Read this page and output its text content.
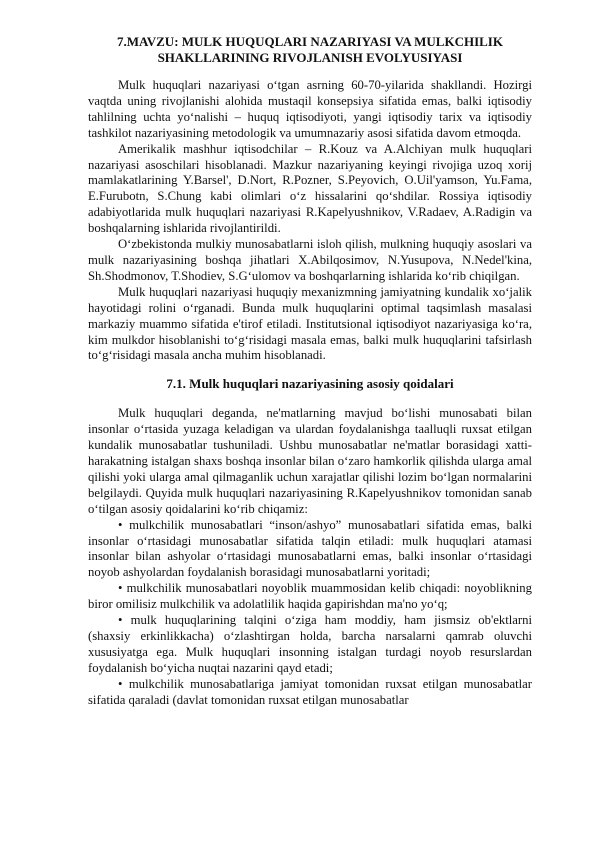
7.MAVZU: MULK HUQUQLARI NAZARIYASI VA MULKCHILIK
SHAKLLARINING RIVOJLANISH EVOLYUSIYASI

Mulk huquqlari nazariyasi o‘tgan asrning 60-70-yilarida shakllandi. Hozirgi vaqtda uning rivojlanishi alohida mustaqil konsepsiya sifatida emas, balki iqtisodiy tahlilning uchta yo‘nalishi – huquq iqtisodiyoti, yangi iqtisodiy tarix va iqtisodiy tashkilot nazariyasining metodologik va umumnazariy asosi sifatida davom etmoqda.

Amerikalik mashhur iqtisodchilar – R.Kouz va A.Alchiyan mulk huquqlari nazariyasi asoschilari hisoblanadi. Mazkur nazariyaning keyingi rivojiga uzoq xorij mamlakatlarining Y.Barsel', D.Nort, R.Pozner, S.Peyovich, O.Uil'yamson, Yu.Fama, E.Furubotn, S.Chung kabi olimlari o‘z hissalarini qo‘shdilar. Rossiya iqtisodiy adabiyotlarida mulk huquqlari nazariyasi R.Kapelyushnikov, V.Radaev, A.Radigin va boshqalarning ishlarida rivojlantirildi.

O‘zbekistonda mulkiy munosabatlarni isloh qilish, mulkning huquqiy asoslari va mulk nazariyasining boshqa jihatlari X.Abilqosimov, N.Yusupova, N.Nedel'kina, Sh.Shodmonov, T.Shodiev, S.G‘ulomov va boshqarlarning ishlarida ko‘rib chiqilgan.

Mulk huquqlari nazariyasi huquqiy mexanizmning jamiyatning kundalik xo‘jalik hayotidagi rolini o‘rganadi. Bunda mulk huquqlarini optimal taqsimlash masalasi markaziy muammo sifatida e'tirof etiladi. Institutsional iqtisodiyot nazariyasiga ko‘ra, kim mulkdor hisoblanishi to‘g‘risidagi masala emas, balki mulk huquqlarini tafsirlash to‘g‘risidagi masala ancha muhim hisoblanadi.

7.1. Mulk huquqlari nazariyasining asosiy qoidalari

Mulk huquqlari deganda, ne'matlarning mavjud bo‘lishi munosabati bilan insonlar o‘rtasida yuzaga keladigan va ulardan foydalanishga taalluqli ruxsat etilgan kundalik munosabatlar tushuniladi. Ushbu munosabatlar ne'matlar borasidagi xatti-harakatning istalgan shaxs boshqa insonlar bilan o‘zaro hamkorlik qilishda ularga amal qilishi yoki ularga amal qilmaganlik uchun xarajatlar qilishi lozim bo‘lgan normalarini belgilaydi. Quyida mulk huquqlari nazariyasining R.Kapelyushnikov tomonidan sanab o‘tilgan asosiy qoidalarini ko‘rib chiqamiz:

• mulkchilik munosabatlari “inson/ashyo” munosabatlari sifatida emas, balki insonlar o‘rtasidagi munosabatlar sifatida talqin etiladi: mulk huquqlari atamasi insonlar bilan ashyolar o‘rtasidagi munosabatlarni emas, balki insonlar o‘rtasidagi noyob ashyolardan foydalanish borasidagi munosabatlarni yoritadi;

• mulkchilik munosabatlari noyoblik muammosidan kelib chiqadi: noyoblikning biror omilisiz mulkchilik va adolatlilik haqida gapirishdan ma'no yo‘q;

• mulk huquqlarining talqini o‘ziga ham moddiy, ham jismsiz ob'ektlarni (shaxsiy erkinlikkacha) o‘zlashtirgan holda, barcha narsalarni qamrab oluvchi xususiyatga ega. Mulk huquqlari insonning istalgan turdagi noyob resurslardan foydalanish bo‘yicha nuqtai nazarini qayd etadi;

• mulkchilik munosabatlariga jamiyat tomonidan ruxsat etilgan munosabatlar sifatida qaraladi (davlat tomonidan ruxsat etilgan munosabatlar
